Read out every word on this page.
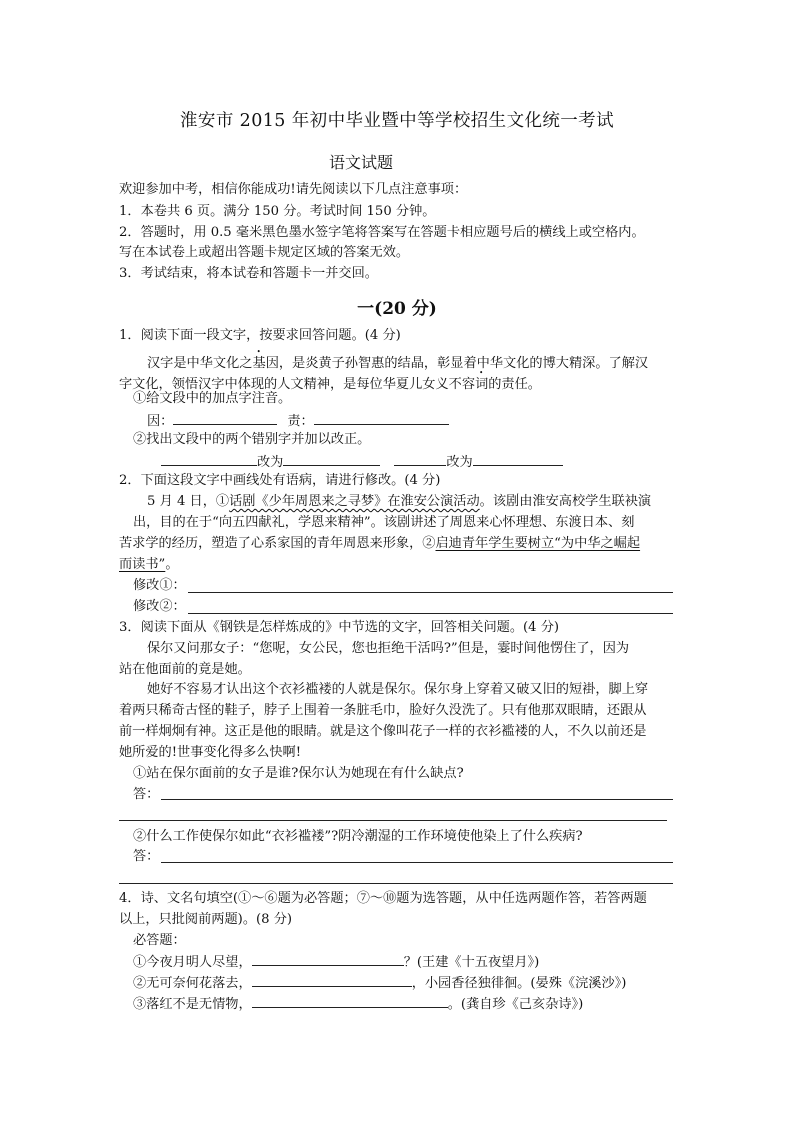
淮安市 2015 年初中毕业暨中等学校招生文化统一考试
语文试题
欢迎参加中考，相信你能成功!请先阅读以下几点注意事项：
1．本卷共 6 页。满分 150 分。考试时间 150 分钟。
2．答题时，用 0.5 毫米黑色墨水签字笔将答案写在答题卡相应题号后的横线上或空格内。
写在本试卷上或超出答题卡规定区域的答案无效。
3．考试结束，将本试卷和答题卡一并交回。
一(20 分)
1．阅读下面一段文字，按要求回答问题。(4 分)
汉字是中华文化之基因，是炎黄子孙智惠的结晶，彰显着中华文化的博大精深。了解汉
字文化，领悟汉字中体现的人文精神，是每位华夏儿女义不容词的责任。
①给文段中的加点字注音。
因：	责：
②找出文段中的两个错别字并加以改正。
改为	改为
2．下面这段文字中画线处有语病，请进行修改。(4 分)
5 月 4 日，①话剧《少年周恩来之寻梦》在淮安公演活动。该剧由淮安高校学生联袂演
出，目的在于“向五四献礼，学恩来精神”。该剧讲述了周恩来心怀理想、东渡日本、刻
苦求学的经历，塑造了心系家国的青年周恩来形象，②启迪青年学生要树立“为中华之崛起
而读书”。
修改①：
修改②：
3．阅读下面从《钢铁是怎样炼成的》中节选的文字，回答相关问题。(4 分)
保尔又问那女子：“您呢，女公民，您也拒绝干活吗?”但是，霎时间他愣住了，因为
站在他面前的竟是她。
她好不容易才认出这个衣衫褴褛的人就是保尔。保尔身上穿着又破又旧的短褂，脚上穿
着两只稀奇古怪的鞋子，脖子上围着一条脏毛巾，脸好久没洗了。只有他那双眼睛，还跟从
前一样炯炯有神。这正是他的眼睛。就是这个像叫花子一样的衣衫褴褛的人，不久以前还是
她所爱的!世事变化得多么快啊!
①站在保尔面前的女子是谁?保尔认为她现在有什么缺点?
答：
②什么工作使保尔如此“衣衫褴褛”?阴冷潮湿的工作环境使他染上了什么疾病?
答：
4．诗、文名句填空(①～⑥题为必答题；⑦～⑩题为选答题，从中任选两题作答，若答两题
以上，只批阅前两题)。(8 分)
必答题：
①今夜月明人尽望，	？(王建《十五夜望月》)
②无可奈何花落去，	，小园香径独徘徊。(晏殊《浣溪沙》)
③落红不是无情物，	。(龚自珍《己亥杂诗》)
